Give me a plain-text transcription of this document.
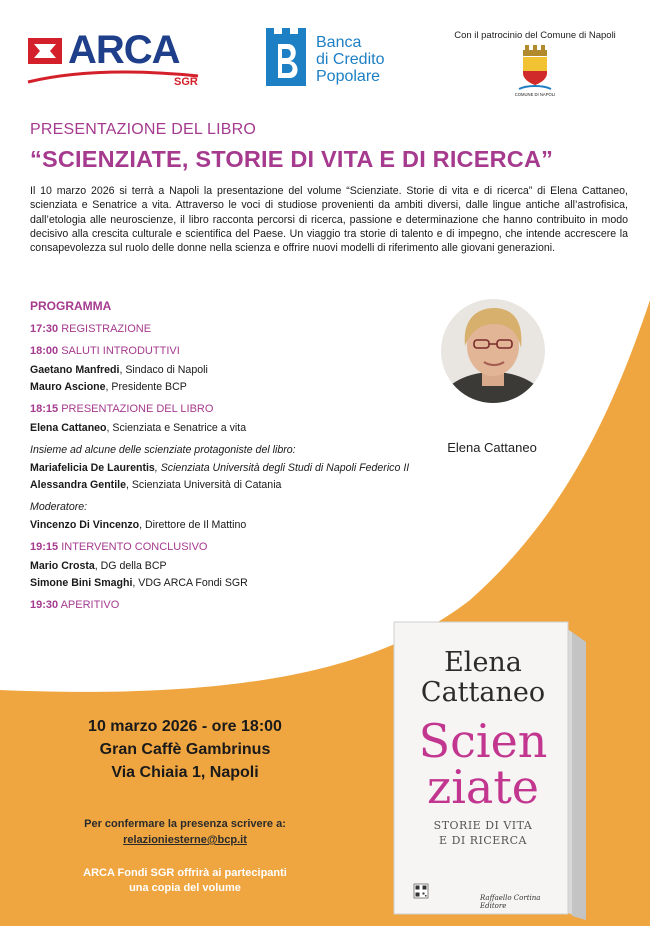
ARCA
SGR
Banca
di Credito
Popolare
Con il patrocinio del Comune di Napoli
COMUNE DI NAPOLI
PRESENTAZIONE DEL LIBRO
“SCIENZIATE, STORIE DI VITA E DI RICERCA”
Il 10 marzo 2026 si terrà a Napoli la presentazione del volume “Scienziate. Storie di vita e di ricerca” di Elena Cattaneo, scienziata e Senatrice a vita. Attraverso le voci di studiose provenienti da ambiti diversi, dalle lingue antiche all’astrofisica, dall’etologia alle neuroscienze, il libro racconta percorsi di ricerca, passione e determinazione che hanno contribuito in modo decisivo alla crescita culturale e scientifica del Paese. Un viaggio tra storie di talento e di impegno, che intende accrescere la consapevolezza sul ruolo delle donne nella scienza e offrire nuovi modelli di riferimento alle giovani generazioni.
PROGRAMMA
17:30 REGISTRAZIONE
18:00 SALUTI INTRODUTTIVI
Gaetano Manfredi, Sindaco di Napoli
Mauro Ascione, Presidente BCP
18:15 PRESENTAZIONE DEL LIBRO
Elena Cattaneo, Scienziata e Senatrice a vita
Insieme ad alcune delle scienziate protagoniste del libro:
Mariafelicia De Laurentis, Scienziata Università degli Studi di Napoli Federico II
Alessandra Gentile, Scienziata Università di Catania
Moderatore:
Vincenzo Di Vincenzo, Direttore de Il Mattino
19:15 INTERVENTO CONCLUSIVO
Mario Crosta, DG della BCP
Simone Bini Smaghi, VDG ARCA Fondi SGR
19:30 APERITIVO
Elena Cattaneo
10 marzo 2026 - ore 18:00
Gran Caffè Gambrinus
Via Chiaia 1, Napoli
Per confermare la presenza scrivere a:
relazioniesterne@bcp.it
ARCA Fondi SGR offrirà ai partecipanti
una copia del volume
Elena
Cattaneo
Scien
ziate
STORIE DI VITA
E DI RICERCA
Raffaello Cortina Editore
